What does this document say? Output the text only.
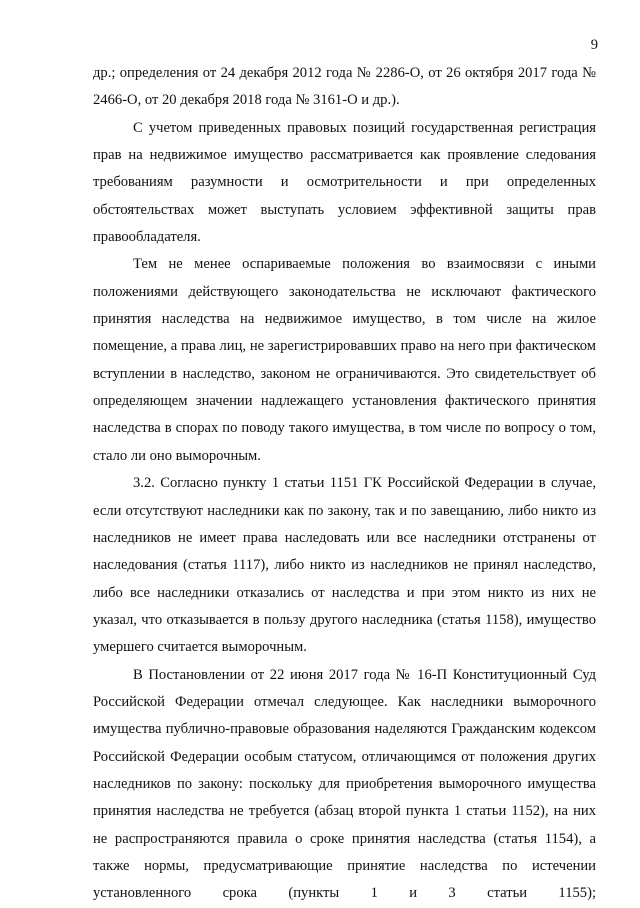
9

др.; определения от 24 декабря 2012 года № 2286-О, от 26 октября 2017 года № 2466-О, от 20 декабря 2018 года № 3161-О и др.).

С учетом приведенных правовых позиций государственная регистрация прав на недвижимое имущество рассматривается как проявление следования требованиям разумности и осмотрительности и при определенных обстоятельствах может выступать условием эффективной защиты прав правообладателя.

Тем не менее оспариваемые положения во взаимосвязи с иными положениями действующего законодательства не исключают фактического принятия наследства на недвижимое имущество, в том числе на жилое помещение, а права лиц, не зарегистрировавших право на него при фактическом вступлении в наследство, законом не ограничиваются. Это свидетельствует об определяющем значении надлежащего установления фактического принятия наследства в спорах по поводу такого имущества, в том числе по вопросу о том, стало ли оно выморочным.

3.2. Согласно пункту 1 статьи 1151 ГК Российской Федерации в случае, если отсутствуют наследники как по закону, так и по завещанию, либо никто из наследников не имеет права наследовать или все наследники отстранены от наследования (статья 1117), либо никто из наследников не принял наследство, либо все наследники отказались от наследства и при этом никто из них не указал, что отказывается в пользу другого наследника (статья 1158), имущество умершего считается выморочным.

В Постановлении от 22 июня 2017 года № 16-П Конституционный Суд Российской Федерации отмечал следующее. Как наследники выморочного имущества публично-правовые образования наделяются Гражданским кодексом Российской Федерации особым статусом, отличающимся от положения других наследников по закону: поскольку для приобретения выморочного имущества принятия наследства не требуется (абзац второй пункта 1 статьи 1152), на них не распространяются правила о сроке принятия наследства (статья 1154), а также нормы, предусматривающие принятие наследства по истечении установленного срока (пункты 1 и 3 статьи 1155);
